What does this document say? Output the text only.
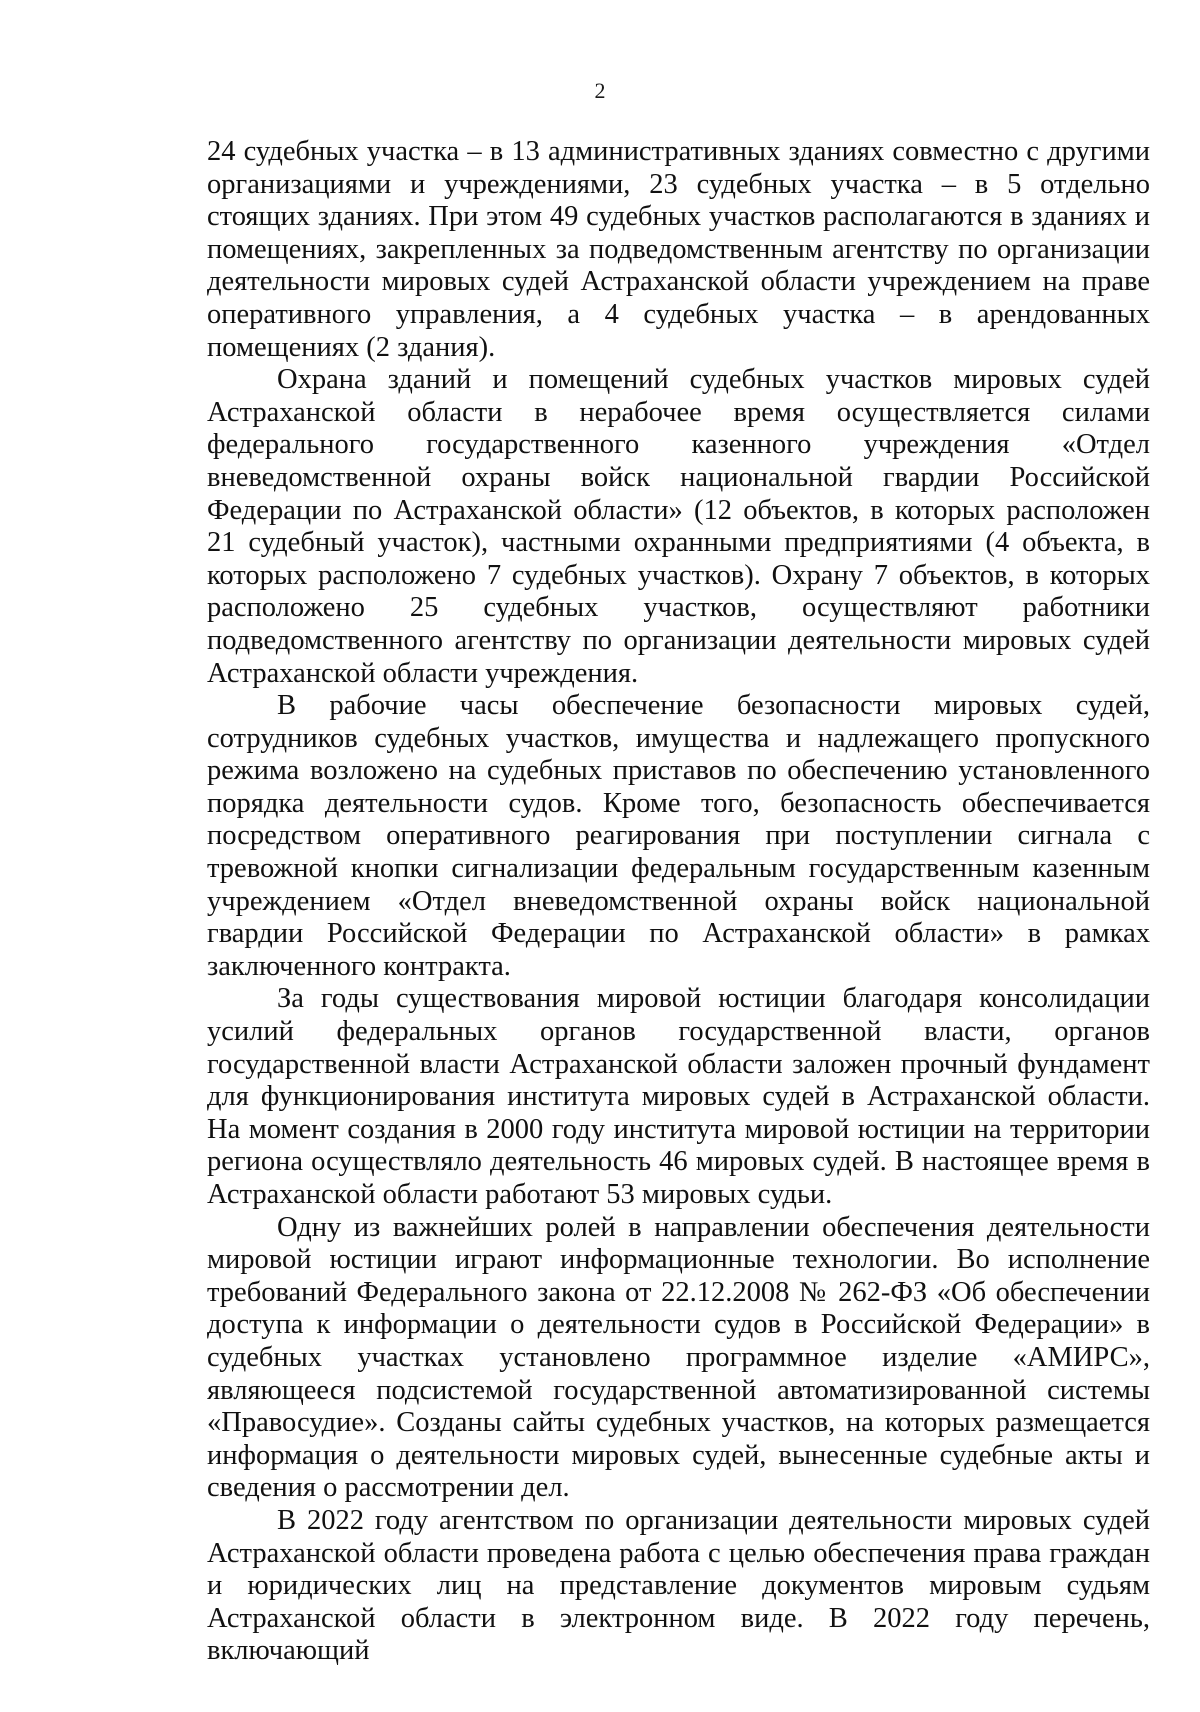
2

24 судебных участка – в 13 административных зданиях совместно с другими организациями и учреждениями, 23 судебных участка – в 5 отдельно стоящих зданиях. При этом 49 судебных участков располагаются в зданиях и помещениях, закрепленных за подведомственным агентству по организации деятельности мировых судей Астраханской области учреждением на праве оперативного управления, а 4 судебных участка – в арендованных помещениях (2 здания).

Охрана зданий и помещений судебных участков мировых судей Астраханской области в нерабочее время осуществляется силами федерального государственного казенного учреждения «Отдел вневедомственной охраны войск национальной гвардии Российской Федерации по Астраханской области» (12 объектов, в которых расположен 21 судебный участок), частными охранными предприятиями (4 объекта, в которых расположено 7 судебных участков). Охрану 7 объектов, в которых расположено 25 судебных участков, осуществляют работники подведомственного агентству по организации деятельности мировых судей Астраханской области учреждения.

В рабочие часы обеспечение безопасности мировых судей, сотрудников судебных участков, имущества и надлежащего пропускного режима возложено на судебных приставов по обеспечению установленного порядка деятельности судов. Кроме того, безопасность обеспечивается посредством оперативного реагирования при поступлении сигнала с тревожной кнопки сигнализации федеральным государственным казенным учреждением «Отдел вневедомственной охраны войск национальной гвардии Российской Федерации по Астраханской области» в рамках заключенного контракта.

За годы существования мировой юстиции благодаря консолидации усилий федеральных органов государственной власти, органов государственной власти Астраханской области заложен прочный фундамент для функционирования института мировых судей в Астраханской области. На момент создания в 2000 году института мировой юстиции на территории региона осуществляло деятельность 46 мировых судей. В настоящее время в Астраханской области работают 53 мировых судьи.

Одну из важнейших ролей в направлении обеспечения деятельности мировой юстиции играют информационные технологии. Во исполнение требований Федерального закона от 22.12.2008 № 262-ФЗ «Об обеспечении доступа к информации о деятельности судов в Российской Федерации» в судебных участках установлено программное изделие «АМИРС», являющееся подсистемой государственной автоматизированной системы «Правосудие». Созданы сайты судебных участков, на которых размещается информация о деятельности мировых судей, вынесенные судебные акты и сведения о рассмотрении дел.

В 2022 году агентством по организации деятельности мировых судей Астраханской области проведена работа с целью обеспечения права граждан и юридических лиц на представление документов мировым судьям Астраханской области в электронном виде. В 2022 году перечень, включающий
